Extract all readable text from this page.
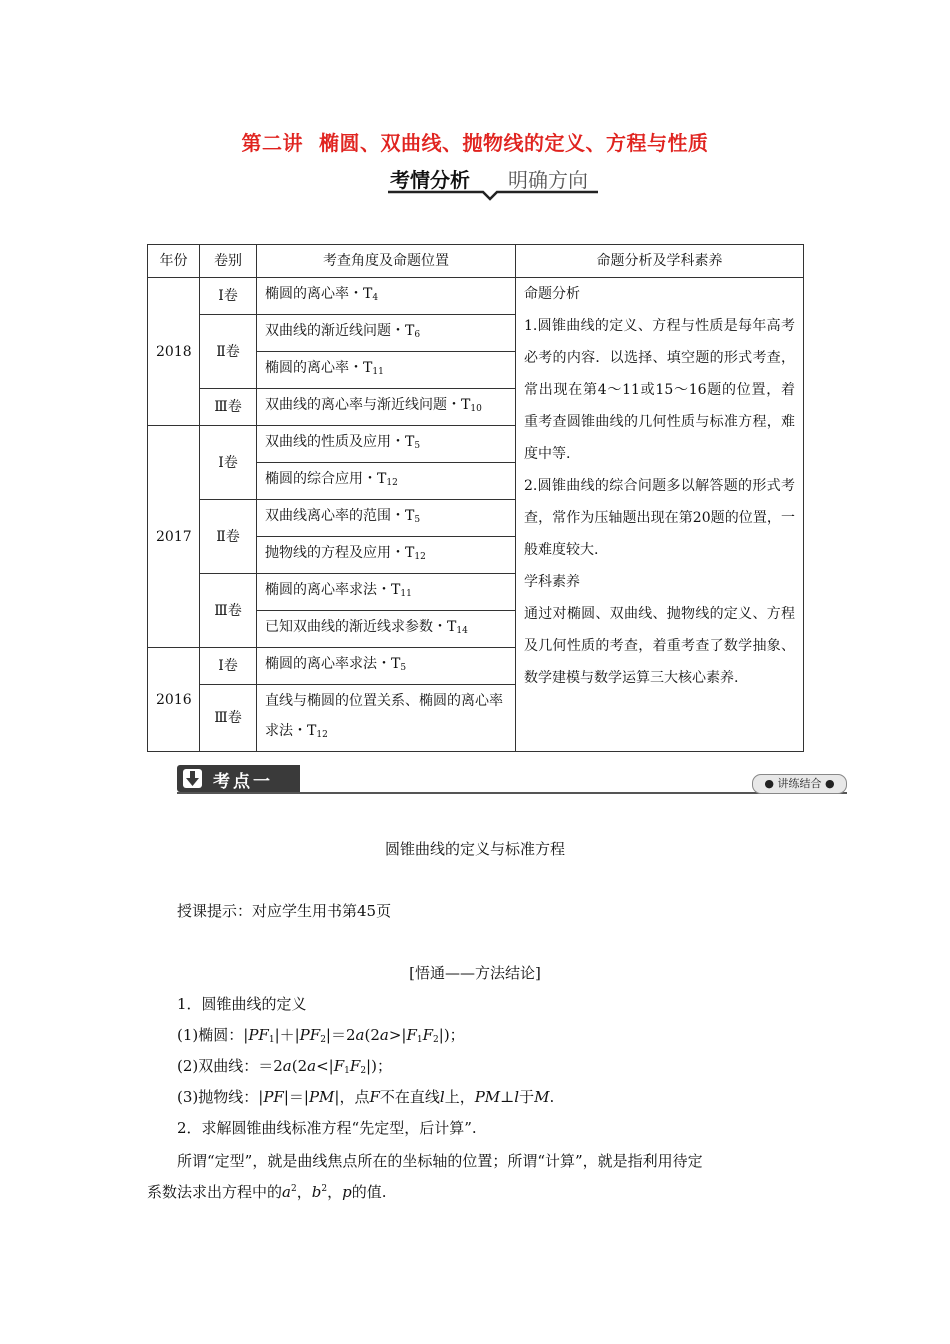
第二讲 椭圆、双曲线、抛物线的定义、方程与性质
考情分析 明确方向
年份	卷别	考查角度及命题位置	命题分析及学科素养
2018	Ⅰ卷	椭圆的离心率・$T_4$	命题分析
1.圆锥曲线的定义、方程与性质是每年高考必考的内容．以选择、填空题的形式考查，常出现在第4～11或15～16题的位置，着重考查圆锥曲线的几何性质与标准方程，难度中等.
2.圆锥曲线的综合问题多以解答题的形式考查，常作为压轴题出现在第20题的位置，一般难度较大.
学科素养
通过对椭圆、双曲线、抛物线的定义、方程及几何性质的考查，着重考查了数学抽象、数学建模与数学运算三大核心素养.

	Ⅱ卷	双曲线的渐近线问题・$T_6$
		椭圆的离心率・$T_{11}$
	Ⅲ卷	双曲线的离心率与渐近线问题・$T_{10}$

2017	Ⅰ卷	双曲线的性质及应用・$T_5$
		椭圆的综合应用・$T_{12}$
	Ⅱ卷	双曲线离心率的范围・$T_5$
		抛物线的方程及应用・$T_{12}$
	Ⅲ卷	椭圆的离心率求法・$T_{11}$
		已知双曲线的渐近线求参数・$T_{14}$
2016	Ⅰ卷	椭圆的离心率求法・$T_5$
	Ⅲ卷	直线与椭圆的位置关系、椭圆的离心率求法・$T_{12}$

考点一	● 讲练结合 ●
圆锥曲线的定义与标准方程
授课提示：对应学生用书第45页
[悟通——方法结论]
1．圆锥曲线的定义
(1)椭圆：$|PF_1|+|PF_2|=2a(2a>|F_1F_2|)$；
(2)双曲线：$=2a(2a<|F_1F_2|)$；
(3)抛物线：|PF|＝|PM|，点F不在直线l上，PM⊥l于M.
2．求解圆锥曲线标准方程“先定型，后计算”.
所谓“定型”，就是曲线焦点所在的坐标轴的位置；所谓“计算”，就是指利用待定
系数法求出方程中的$a^2$，$b^2$，p的值.
